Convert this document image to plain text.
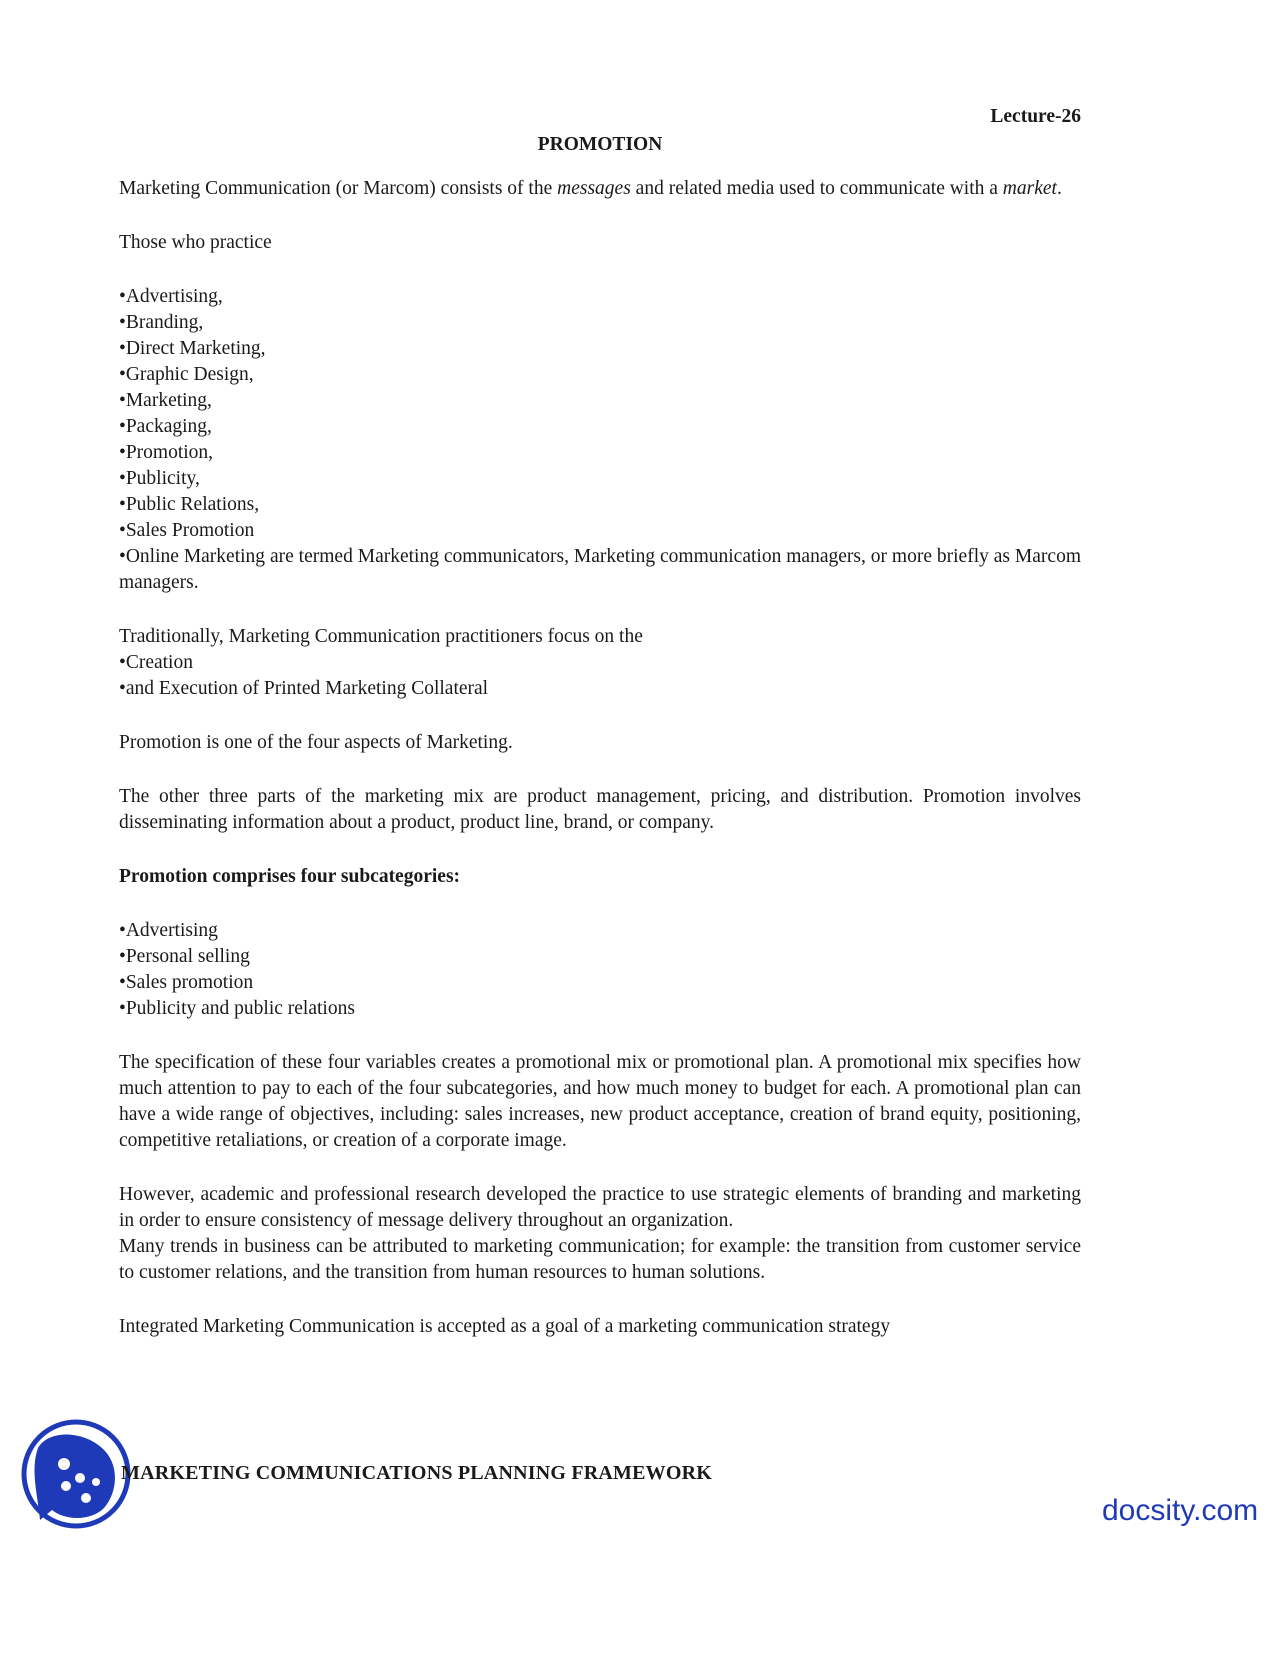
Lecture-26

PROMOTION

Marketing Communication (or Marcom) consists of the messages and related media used to communicate with a market.

Those who practice

• Advertising,
• Branding,
• Direct Marketing,
• Graphic Design,
• Marketing,
• Packaging,
• Promotion,
• Publicity,
• Public Relations,
• Sales Promotion

• Online Marketing are termed Marketing communicators, Marketing communication managers, or more briefly as Marcom managers.

Traditionally, Marketing Communication practitioners focus on the

• Creation
• and Execution of Printed Marketing Collateral

Promotion is one of the four aspects of Marketing.

The other three parts of the marketing mix are product management, pricing, and distribution. Promotion involves disseminating information about a product, product line, brand, or company.

Promotion comprises four subcategories:

• Advertising
• Personal selling
• Sales promotion
• Publicity and public relations

The specification of these four variables creates a promotional mix or promotional plan. A promotional mix specifies how much attention to pay to each of the four subcategories, and how much money to budget for each. A promotional plan can have a wide range of objectives, including: sales increases, new product acceptance, creation of brand equity, positioning, competitive retaliations, or creation of a corporate image.

However, academic and professional research developed the practice to use strategic elements of branding and marketing in order to ensure consistency of message delivery throughout an organization.

Many trends in business can be attributed to marketing communication; for example: the transition from customer service to customer relations, and the transition from human resources to human solutions.

Integrated Marketing Communication is accepted as a goal of a marketing communication strategy

MARKETING COMMUNICATIONS PLANNING FRAMEWORK
docsity.com
